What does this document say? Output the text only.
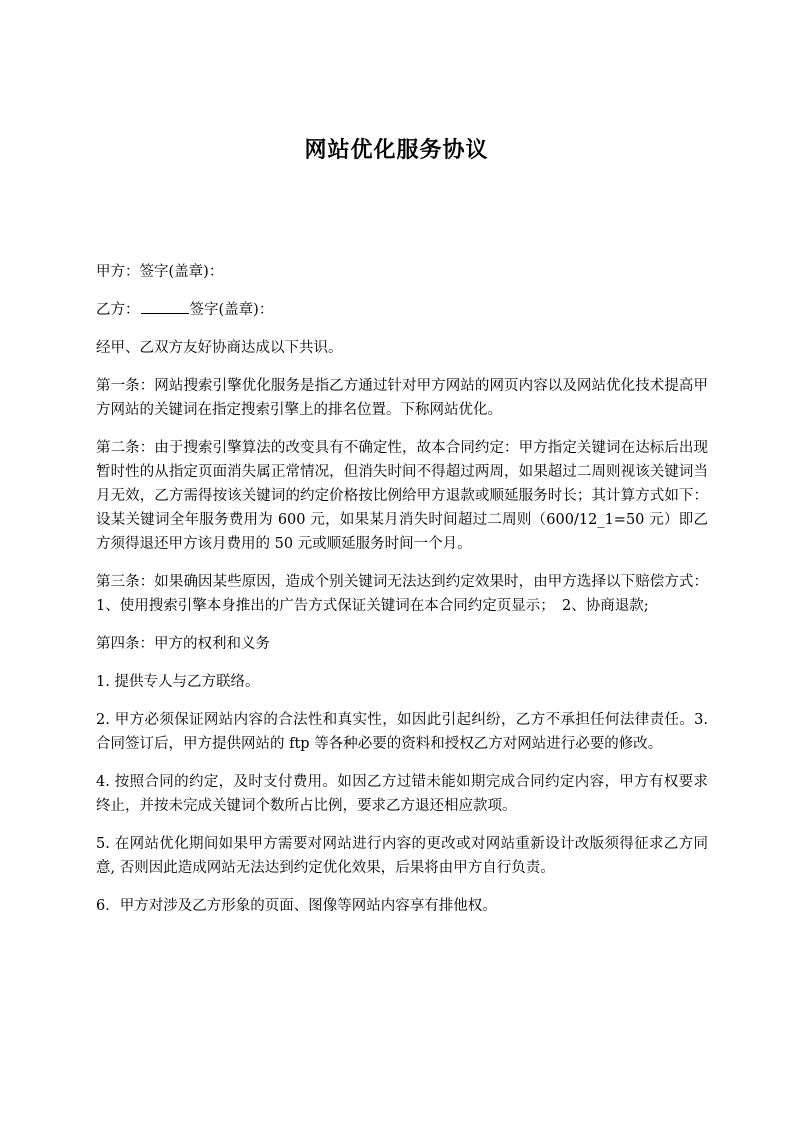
网站优化服务协议

甲方：签字(盖章)：

乙方：	签字(盖章)：

经甲、乙双方友好协商达成以下共识。

第一条：网站搜索引擎优化服务是指乙方通过针对甲方网站的网页内容以及网站优化技术提高甲方网站的关键词在指定搜索引擎上的排名位置。下称网站优化。

第二条：由于搜索引擎算法的改变具有不确定性，故本合同约定：甲方指定关键词在达标后出现暂时性的从指定页面消失属正常情况，但消失时间不得超过两周，如果超过二周则视该关键词当月无效，乙方需得按该关键词的约定价格按比例给甲方退款或顺延服务时长；其计算方式如下：设某关键词全年服务费用为 600 元，如果某月消失时间超过二周则（600/12_1=50 元）即乙方须得退还甲方该月费用的 50 元或顺延服务时间一个月。

第三条：如果确因某些原因，造成个别关键词无法达到约定效果时，由甲方选择以下赔偿方式：1、使用搜索引擎本身推出的广告方式保证关键词在本合同约定页显示；　2、协商退款;

第四条：甲方的权利和义务

1. 提供专人与乙方联络。

2. 甲方必须保证网站内容的合法性和真实性，如因此引起纠纷，乙方不承担任何法律责任。3. 合同签订后，甲方提供网站的 ftp 等各种必要的资料和授权乙方对网站进行必要的修改。

4. 按照合同的约定，及时支付费用。如因乙方过错未能如期完成合同约定内容，甲方有权要求终止，并按未完成关键词个数所占比例，要求乙方退还相应款项。

5. 在网站优化期间如果甲方需要对网站进行内容的更改或对网站重新设计改版须得征求乙方同意, 否则因此造成网站无法达到约定优化效果，后果将由甲方自行负责。

6．甲方对涉及乙方形象的页面、图像等网站内容享有排他权。
